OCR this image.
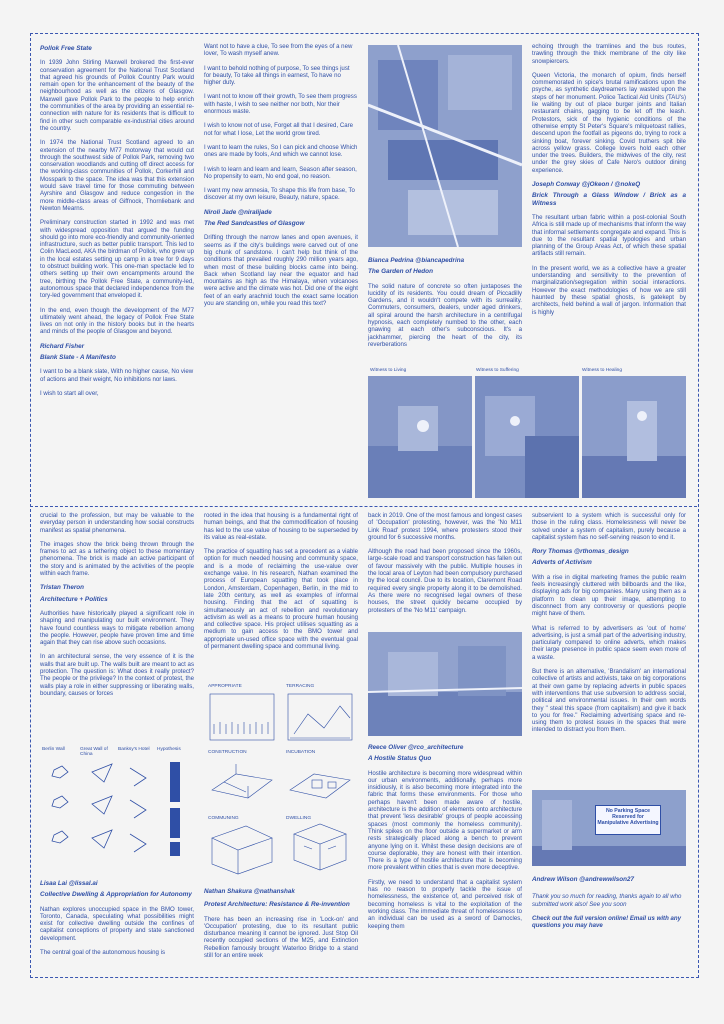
Pollok Free State

In 1939 John Stirling Maxwell brokered the first-ever conservation agreement for the National Trust Scotland that agreed his grounds of Pollok Country Park would remain open for the enhancement of the beauty of the neighbourhood as well as the citizens of Glasgow. Maxwell gave Pollok Park to the people to help enrich the communities of the area by providing an essential re-connection with nature for its residents that is difficult to find in other such comparable ex-industrial cities around the country.

In 1974 the National Trust Scotland agreed to an extension of the nearby M77 motorway that would cut through the southwest side of Pollok Park, removing two conservation woodlands and cutting off direct access for the working-class communities of Pollok, Corkerhill and Mosspark to the space. The idea was that this extension would save travel time for those commuting between Ayrshire and Glasgow and reduce congestion in the more middle-class areas of Giffnock, Thornliebank and Newton Mearns.

Preliminary construction started in 1992 and was met with widespread opposition that argued the funding should go into more eco-friendly and community-oriented infrastructure, such as better public transport. This led to Colin MacLeod, AKA the birdman of Pollok, who grew up in the local estates setting up camp in a tree for 9 days to obstruct building work. This one-man spectacle led to others setting up their own encampments around the tree, birthing the Pollok Free State, a community-led, autonomous space that declared independence from the tory-led government that enveloped it.

In the end, even though the development of the M77 ultimately went ahead, the legacy of Pollok Free State lives on not only in the history books but in the hearts and minds of the people of Glasgow and beyond.

Richard Fisher
Blank Slate - A Manifesto

I want to be a blank slate, With no higher cause, No view of actions and their weight, No inhibitions nor laws.

I wish to start all over,

Want not to have a clue, To see from the eyes of a new lover, To wash myself anew.

I want to behold nothing of purpose, To see things just for beauty, To take all things in earnest, To have no higher duty.

I want not to know off their growth, To see them progress with haste, I wish to see neither nor both, Nor their enormous waste.

I wish to know not of use, Forget all that I desired, Care not for what I lose, Let the world grow tired.

I want to learn the rules, So I can pick and choose Which ones are made by fools, And which we cannot lose.

I wish to learn and learn and learn, Season after season, No propensity to earn, No end goal, no reason.

I want my new amnesia, To shape this life from base, To discover at my own leisure, Beauty, nature, space.

Niroli Jade @niralijade
The Red Sandcastles of Glasgow

Drifting through the narrow lanes and open avenues, it seems as if the city's buildings were carved out of one big chunk of sandstone. I can't help but think of the conditions that prevailed roughly 290 million years ago, when most of these building blocks came into being. Back when Scotland lay near the equator and had mountains as high as the Himalaya, when volcanoes were active and the climate was hot. Did one of the eight feet of an early arachnid touch the exact same location you are standing on, while you read this text?

Bianca Pedrina @biancapedrina
The Garden of Hedon

The solid nature of concrete so often juxtaposes the lucidity of its residents. You could dream of Piccadilly Gardens, and it wouldn't compete with its surreality. Commuters, consumers, dealers, under aged drinkers, all spiral around the harsh architecture in a centrifugal hypnosis, each completely numbed to the other, each gnawing at each other's subconscious. It's a jackhammer, piercing the heart of the city, its reverberations

echoing through the tramlines and the bus routes, trawling through the thick membrane of the city like snowpiercers.

Queen Victoria, the monarch of opium, finds herself commemorated in spice's brutal ramifications upon the psyche, as synthetic daydreamers lay wasted upon the steps of her monument. Police Tactical Aid Units (TAU's) lie waiting by out of place burger joints and Italian restaurant chains, gagging to be let off the leash. Protestors, sick of the hygienic conditions of the otherwise empty St Peter's Square's milquetoast rallies, descend upon the footfall as pigeons do, trying to rock a sinking boat, forever sinking. Covid truthers spit bile across yellow grass. College lovers hold each other under the trees. Builders, the midwives of the city, rest under the grey skies of Cafe Nero's outdoor dining experience.

Joseph Conway @jOkeon / @nokeQ
Brick Through a Glass Window / Brick as a Witness

The resultant urban fabric within a post-colonial South Africa is still made up of mechanisms that inform the way that informal settlements congregate and expand. This is due to the resultant spatial typologies and urban planning of the Group Areas Act, of which these spatial artifacts still remain.

In the present world, we as a collective have a greater understanding and sensitivity to the prevention of marginalization/segregation within social interactions. However the exact methodologies of how we are still haunted by these spatial ghosts, is gatekept by architects, held behind a wall of jargon. Information that is highly

Witness to Living	Witness to Suffering	Witness to Healing

crucial to the profession, but may be valuable to the everyday person in understanding how social constructs manifest as spatial phenomena.

The images show the brick being thrown through the frames to act as a tethering object to these momentary phenomena. The brick is made an active participant of the story and is animated by the activities of the people within each frame.

Tristan Theron
Architecture + Politics

Authorities have historically played a significant role in shaping and manipulating our built environment. They have found countless ways to mitigate rebellion among the people. However, people have proven time and time again that they can rise above such occasions.

In an architectural sense, the very essence of it is the walls that are built up. The walls built are meant to act as protection. The question is: What does it really protect? The people or the privilege? In the context of protest, the walls play a role in either suppressing or liberating walls, boundary, causes or forces

Berlin Wall	Great Wall of China
Banksy's Hotel Hypothesis
Lisaa Lai @lissal.ai
Collective Dwelling & Appropriation for Autonomy

Nathan explores unoccupied space in the BMO tower, Toronto, Canada, speculating what possibilities might exist for collective dwelling outside the confines of capitalist conceptions of property and state sanctioned development.

The central goal of the autonomous housing is

rooted in the idea that housing is a fundamental right of human beings, and that the commodification of housing has led to the use value of housing to be superseded by its value as real-estate.

The practice of squatting has set a precedent as a viable option for much needed housing and community space, and is a mode of reclaiming the use-value over exchange value. In his research, Nathan examined the process of European squatting that took place in London, Amsterdam, Copenhagen, Berlin, in the mid to late 20th century, as well as examples of informal housing. Finding that the act of squatting is simultaneously an act of rebellion and revolutionary activism as well as a means to procure human housing and collective space. His project utilises squatting as a medium to gain access to the BMO tower and appropriate un-used office space with the eventual goal of permanent dwelling space and communal living.

APPROPRIATE	TERRACING
CONSTRUCTION	INCUBATION
COMMUNING	DWELLING
Nathan Shakura @nathanshak
Protest Architecture: Resistance & Re-invention

There has been an increasing rise in 'Lock-on' and 'Occupation' protesting, due to its resultant public disturbance meaning it cannot be ignored. Just Stop Oil recently occupied sections of the M25, and Extinction Rebellion famously brought Waterloo Bridge to a stand still for an entire week

back in 2019. One of the most famous and longest cases of 'Occupation' protesting, however, was the 'No M11 Link Road' protest 1994, where protesters stood their ground for 6 successive months.

Although the road had been proposed since the 1960s, large-scale road and transport construction has fallen out of favour massively with the public. Multiple houses in the local area of Leyton had been compulsory purchased by the local council. Due to its location, Claremont Road required every single property along it to be demolished. As there were no recognised legal owners of these houses, the street quickly became occupied by protesters of the 'No M11' campaign.

Reece Oliver @rco_architecture
A Hostile Status Quo

Hostile architecture is becoming more widespread within our urban environments, additionally, perhaps more insidiously, it is also becoming more integrated into the fabric that forms these environments. For those who perhaps haven't been made aware of hostile, architecture is the addition of elements onto architecture that prevent 'less desirable' groups of people accessing spaces (most commonly the homeless community). Think spikes on the floor outside a supermarket or arm rests strategically placed along a bench to prevent anyone lying on it. Whilst these design decisions are of course deplorable, they are honest with their intention. There is a type of hostile architecture that is becoming more prevalent within cities that is even more deceptive.

Firstly, we need to understand that a capitalist system has no reason to properly tackle the issue of homelessness, the existence of, and perceived risk of becoming homeless is vital to the exploitation of the working class. The immediate threat of homelessness to an individual can be used as a sword of Damocles, keeping them

subservient to a system which is successful only for those in the ruling class. Homelessness will never be solved under a system of capitalism, purely because a capitalist system has no self-serving reason to end it.

Rory Thomas @rthomas_design
Adverts of Activism

With a rise in digital marketing frames the public realm feels increasingly cluttered with billboards and the like, displaying ads for big companies. Many using them as a platform to clean up their image, attempting to disconnect from any controversy or questions people might have of them.

What is referred to by advertisers as 'out of home' advertising, is just a small part of the advertising industry, particularly compared to online adverts, which makes their large presence in public space seem even more of a waste.

But there is an alternative, 'Brandalism' an international collective of artists and activists, take on big corporations at their own game by replacing adverts in public spaces with interventions that use subversion to address social, political and environmental issues. In their own words they " steal this space (from capitalism) and give it back to you for free." Reclaiming advertising space and re-using them to protest issues in the spaces that were intended to distract you from them.

No Parking Space Reserved for Manipulative Advertising
Andrew Wilson @andrewwilson27

Thank you so much for reading, thanks again to all who submitted work also! See you soon

Check out the full version online! Email us with any questions you may have
